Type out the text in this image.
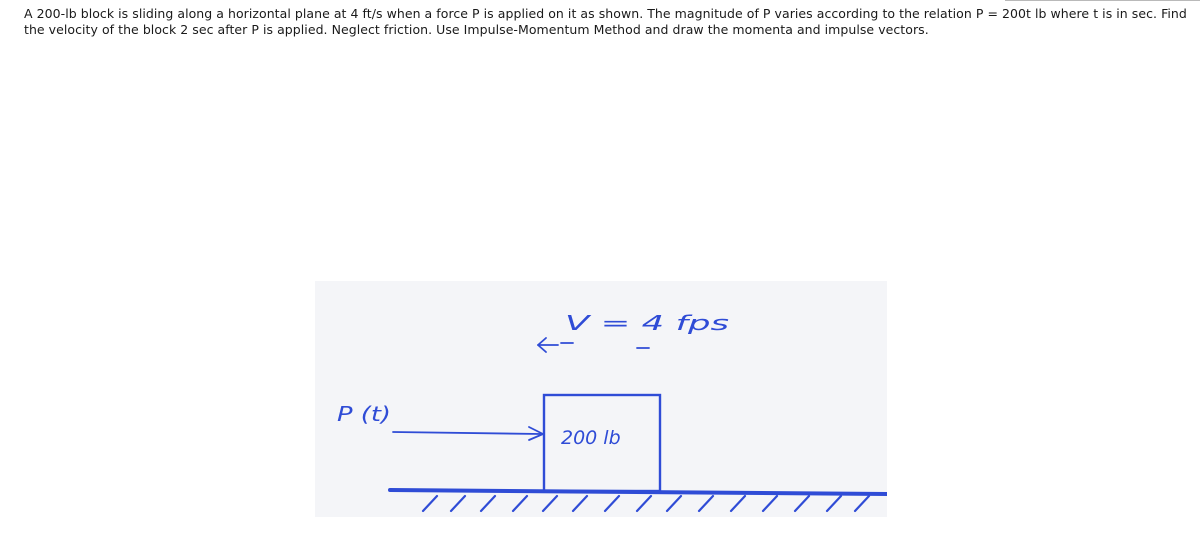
A 200-lb block is sliding along a horizontal plane at 4 ft/s when a force P is applied on it as shown. The magnitude of P varies according to the relation P = 200t lb where t is in sec. Find the velocity of the block 2 sec after P is applied. Neglect friction. Use Impulse-Momentum Method and draw the momenta and impulse vectors.

V = 4 fps
200 lb
P (t)
